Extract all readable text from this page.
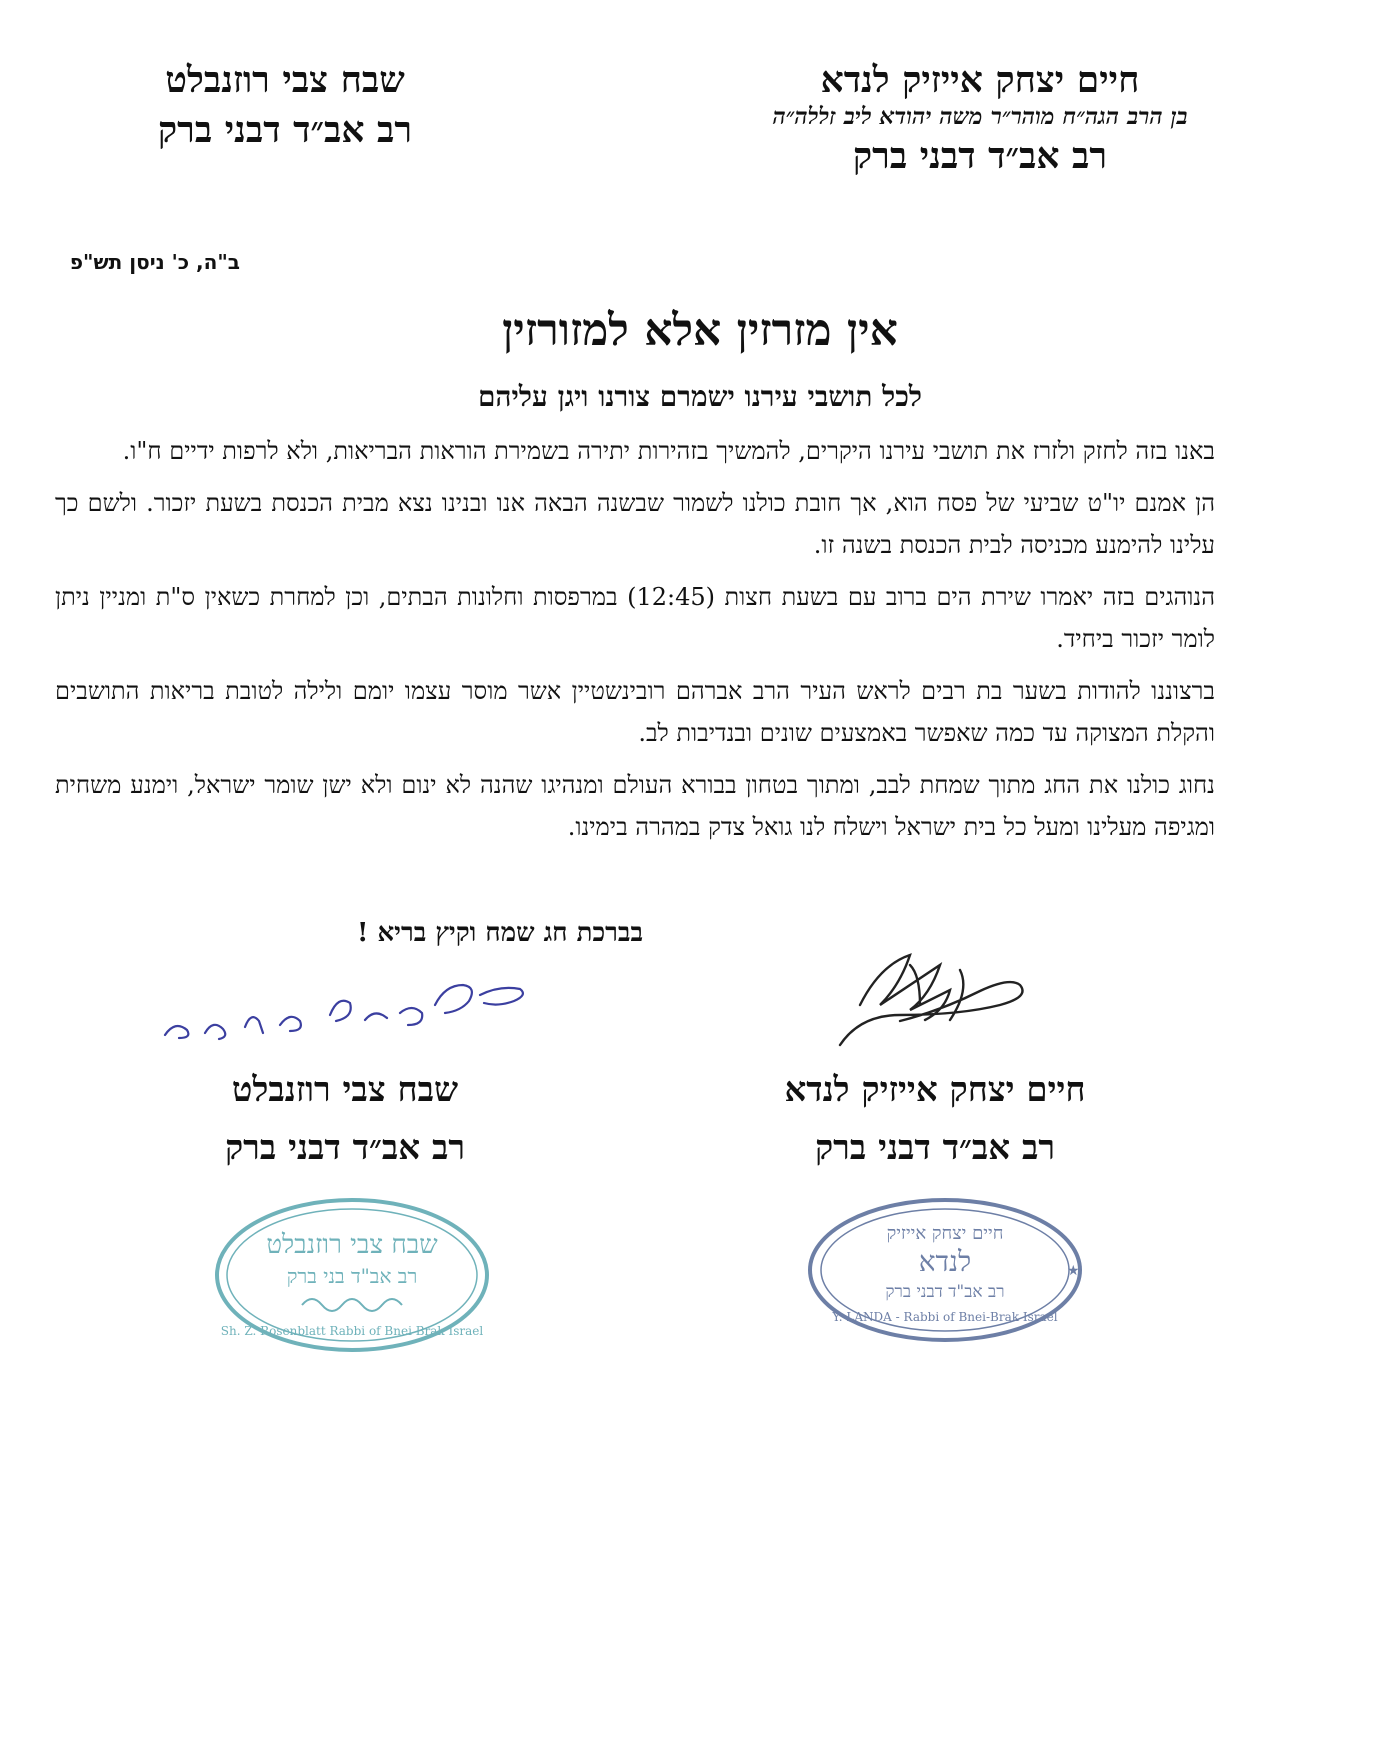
שבח צבי רוזנבלט
רב אב״ד דבני ברק
חיים יצחק אייזיק לנדא
בן הרב הגה״ח מוהר״ר משה יהודא ליב זללה״ה
רב אב״ד דבני ברק
ב"ה, כ' ניסן תש"פ
אין מזרזין אלא למזורזין
לכל תושבי עירנו ישמרם צורנו ויגן עליהם

באנו בזה לחזק ולזרז את תושבי עירנו היקרים, להמשיך בזהירות יתירה בשמירת הוראות הבריאות, ולא לרפות ידיים ח"ו.

הן אמנם יו"ט שביעי של פסח הוא, אך חובת כולנו לשמור שבשנה הבאה אנו ובנינו נצא מבית הכנסת בשעת יזכור. ולשם כך עלינו להימנע מכניסה לבית הכנסת בשנה זו.

הנוהגים בזה יאמרו שירת הים ברוב עם בשעת חצות (12:45) במרפסות וחלונות הבתים, וכן למחרת כשאין ס"ת ומניין ניתן לומר יזכור ביחיד.

ברצוננו להודות בשער בת רבים לראש העיר הרב אברהם רובינשטיין אשר מוסר עצמו יומם ולילה לטובת בריאות התושבים והקלת המצוקה עד כמה שאפשר באמצעים שונים ובנדיבות לב.

נחוג כולנו את החג מתוך שמחת לבב, ומתוך בטחון בבורא העולם ומנהיגו שהנה לא ינום ולא ישן שומר ישראל, וימנע משחית ומגיפה מעלינו ומעל כל בית ישראל וישלח לנו גואל צדק במהרה בימינו.

בברכת חג שמח וקיץ בריא !
שבח צבי רוזנבלט
רב אב״ד דבני ברק
חיים יצחק אייזיק לנדא
רב אב״ד דבני ברק
שבח צבי רוזנבלט
רב אב"ד בני ברק
Sh. Z. Rosenblatt Rabbi of Bnei Brak Israel
חיים יצחק אייזיק
לנדא
רב אב"ד דבני ברק
Y. LANDA - Rabbi of Bnei-Brak Israel
★
